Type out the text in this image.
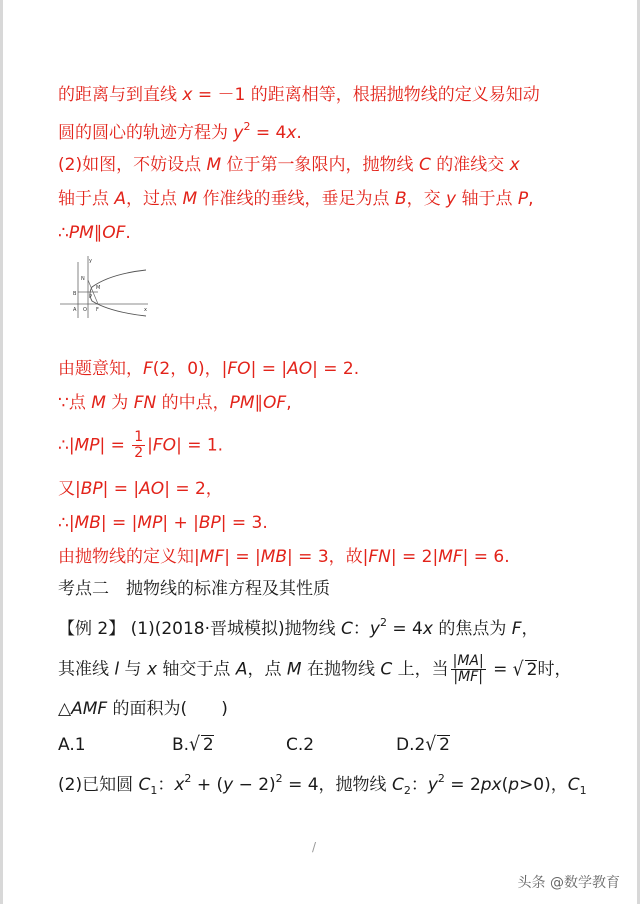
的距离与到直线 x = －1 的距离相等，根据抛物线的定义易知动
圆的圆心的轨迹方程为 $y^2 = 4x$.
(2)如图，不妨设点 M 位于第一象限内，抛物线 C 的准线交 x
轴于点 A，过点 M 作准线的垂线，垂足为点 B，交 y 轴于点 P,
∴PM∥OF.
y
N
M
B	P
A O F	x
由题意知，F(2，0)，|FO| = |AO| = 2.
∵点 M 为 FN 的中点，PM∥OF,
∴|MP| = $\frac{1}{2} |FO| = 1$.
又|BP| = |AO| = 2，
∴|MB| = |MP| + |BP| = 3.
由抛物线的定义知|MF| = |MB| = 3，故|FN| = 2|MF| = 6.
考点二　抛物线的标准方程及其性质
【例 2】 (1)(2018·晋城模拟)抛物线 C：$y^2 = 4x$ 的焦点为 F，
其准线 l 与 x 轴交于点 A，点 M 在抛物线 C 上，当 $\frac{|MA|}{|MF|}$ = √ 2时，
△AMF 的面积为(　　)
A.1	B.√ 2	C.2	D.2√ 2
(2)已知圆 $C_1$：$x^2 + (y - 2)^2 = 4$，抛物线 $C_2$：$y^2 = 2px(p>0)$，$C_1$
/
头条 @数学教育
